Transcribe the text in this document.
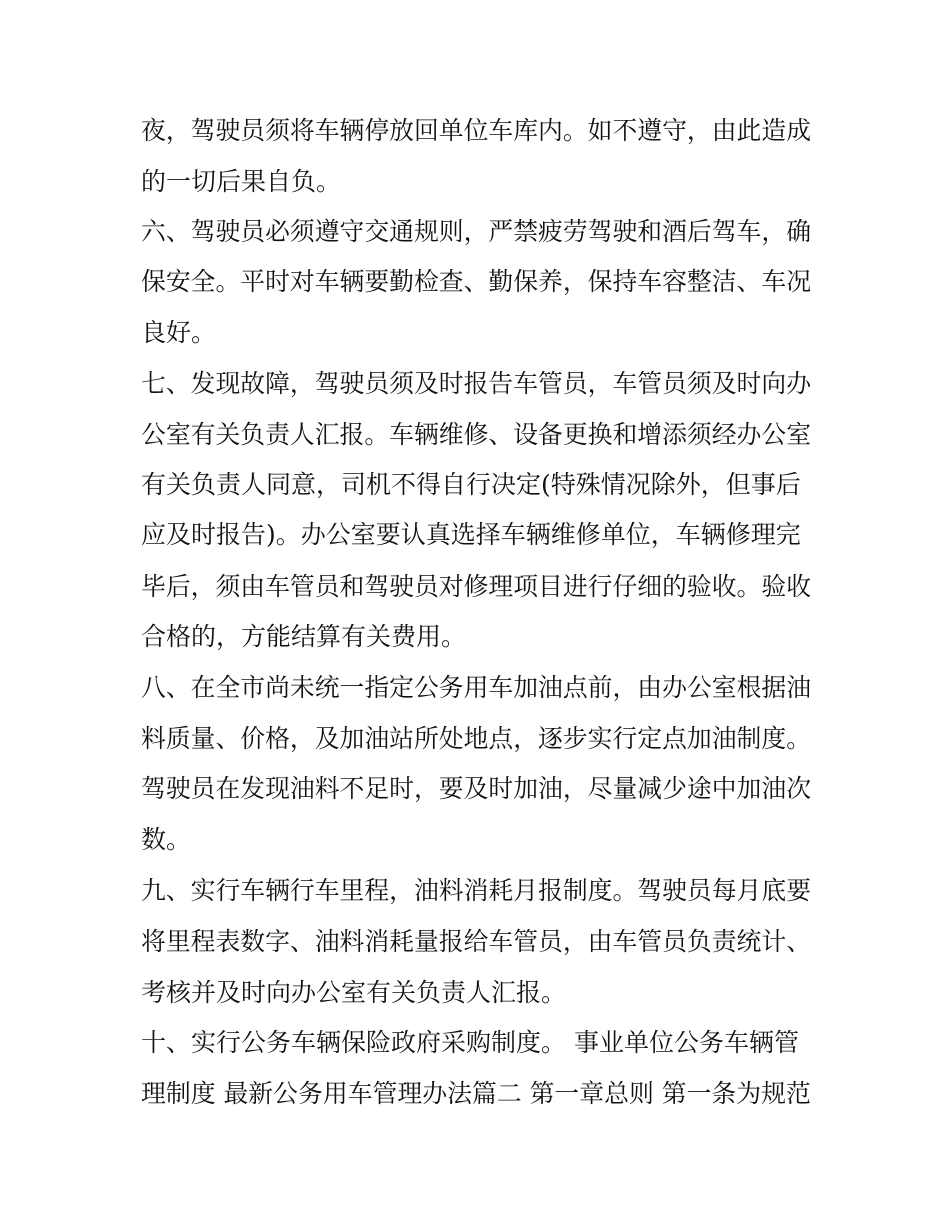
夜，驾驶员须将车辆停放回单位车库内。如不遵守，由此造成
的一切后果自负。
六、驾驶员必须遵守交通规则，严禁疲劳驾驶和酒后驾车，确
保安全。平时对车辆要勤检查、勤保养，保持车容整洁、车况
良好。
七、发现故障，驾驶员须及时报告车管员，车管员须及时向办
公室有关负责人汇报。车辆维修、设备更换和增添须经办公室
有关负责人同意，司机不得自行决定(特殊情况除外，但事后
应及时报告)。办公室要认真选择车辆维修单位，车辆修理完
毕后，须由车管员和驾驶员对修理项目进行仔细的验收。验收
合格的，方能结算有关费用。
八、在全市尚未统一指定公务用车加油点前，由办公室根据油
料质量、价格，及加油站所处地点，逐步实行定点加油制度。
驾驶员在发现油料不足时，要及时加油，尽量减少途中加油次
数。
九、实行车辆行车里程，油料消耗月报制度。驾驶员每月底要
将里程表数字、油料消耗量报给车管员，由车管员负责统计、
考核并及时向办公室有关负责人汇报。
十、实行公务车辆保险政府采购制度。 事业单位公务车辆管
理制度 最新公务用车管理办法篇二 第一章总则 第一条为规范
